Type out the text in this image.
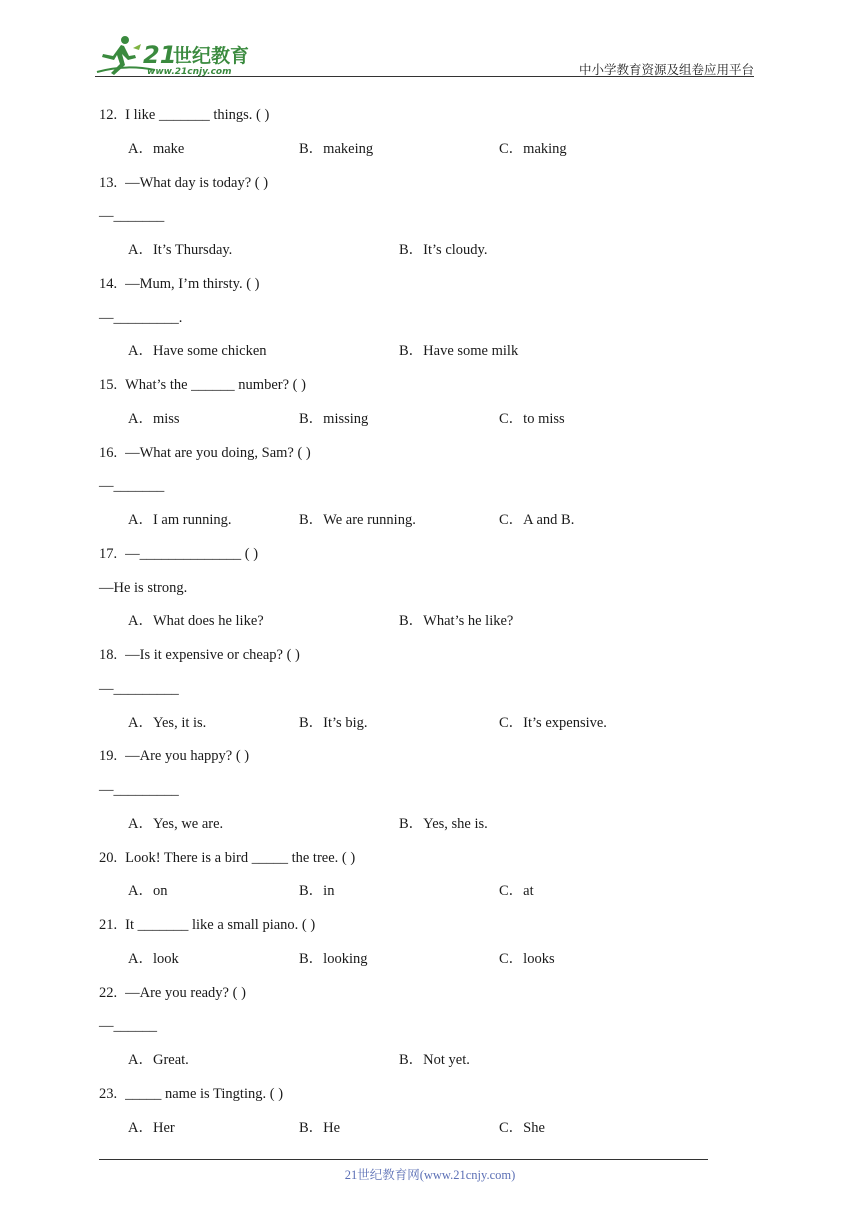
21
世纪教育
www.21cnjy.com	中小学教育资源及组卷应用平台
12. I like _______ things. ( )
A．make	B．makeing	C．making
13. —What day is today? ( )
—_______
A．It’s Thursday.	B．It’s cloudy.
14. —Mum, I’m thirsty. ( )
—_________.
A．Have some chicken	B．Have some milk
15. What’s the ______ number? ( )
A．miss	B．missing	C．to miss
16. —What are you doing, Sam? ( )
—_______
A．I am running.	B．We are running.	C．A and B.
17. —______________ ( )
—He is strong.
A．What does he like?	B．What’s he like?
18. —Is it expensive or cheap? ( )
—_________
A．Yes, it is.	B．It’s big.	C．It’s expensive.
19. —Are you happy? ( )
—_________
A．Yes, we are.	B．Yes, she is.
20. Look! There is a bird _____ the tree. ( )
A．on	B．in	C．at
21. It _______ like a small piano. ( )
A．look	B．looking	C．looks
22. —Are you ready? ( )
—______
A．Great.	B．Not yet.
23. _____ name is Tingting. ( )
A．Her	B．He	C．She
21世纪教育网(www.21cnjy.com)
